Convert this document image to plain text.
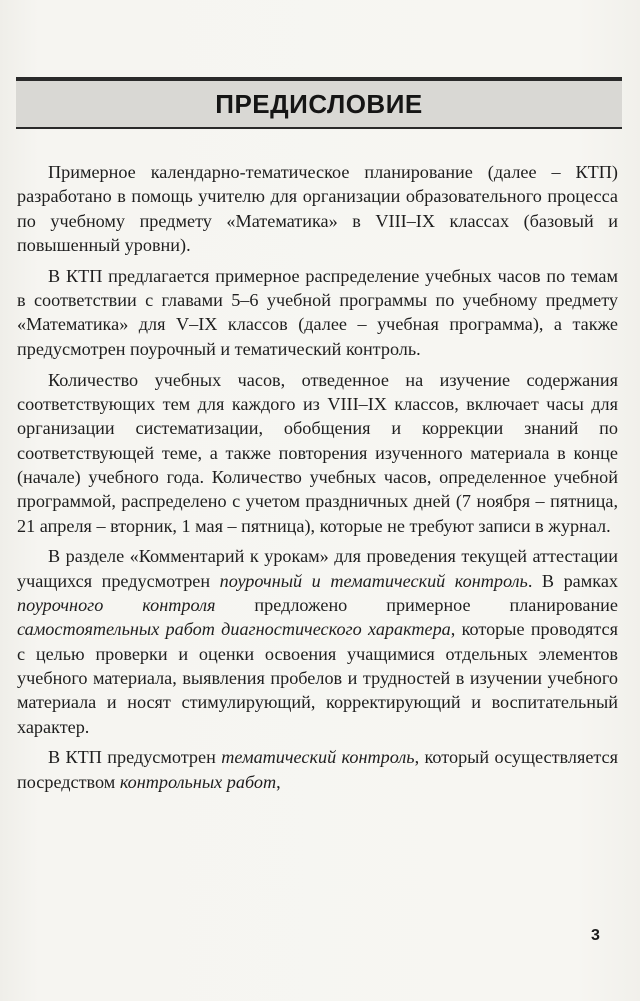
ПРЕДИСЛОВИЕ

Примерное календарно-тематическое планирование (далее – КТП) разработано в помощь учителю для организации образовательного процесса по учебному предмету «Математика» в VIII–IX классах (базовый и повышенный уровни).

В КТП предлагается примерное распределение учебных часов по темам в соответствии с главами 5–6 учебной программы по учебному предмету «Математика» для V–IX классов (далее – учебная программа), а также предусмотрен поурочный и тематический контроль.

Количество учебных часов, отведенное на изучение содержания соответствующих тем для каждого из VIII–IX классов, включает часы для организации систематизации, обобщения и коррекции знаний по соответствующей теме, а также повторения изученного материала в конце (начале) учебного года. Количество учебных часов, определенное учебной программой, распределено с учетом праздничных дней (7 ноября – пятница, 21 апреля – вторник, 1 мая – пятница), которые не требуют записи в журнал.

В разделе «Комментарий к урокам» для проведения текущей аттестации учащихся предусмотрен поурочный и тематический контроль. В рамках поурочного контроля предложено примерное планирование самостоятельных работ диагностического характера, которые проводятся с целью проверки и оценки освоения учащимися отдельных элементов учебного материала, выявления пробелов и трудностей в изучении учебного материала и носят стимулирующий, корректирующий и воспитательный характер.

В КТП предусмотрен тематический контроль, который осуществляется посредством контрольных работ,

3
